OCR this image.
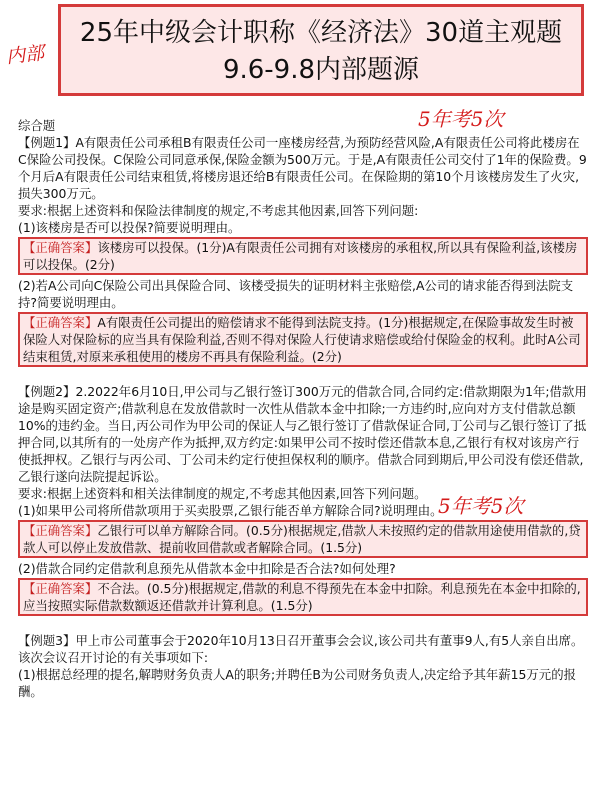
内部
25年中级会计职称《经济法》30道主观题
9.6-9.8内部题源
5年考5次
5年考5次

综合题

【例题1】A有限责任公司承租B有限责任公司一座楼房经营,为预防经营风险,A有限责任公司将此楼房在C保险公司投保。C保险公司同意承保,保险金额为500万元。于是,A有限责任公司交付了1年的保险费。9个月后A有限责任公司结束租赁,将楼房退还给B有限责任公司。在保险期的第10个月该楼房发生了火灾,损失300万元。

要求:根据上述资料和保险法律制度的规定,不考虑其他因素,回答下列问题:

(1)该楼房是否可以投保?简要说明理由。

【正确答案】该楼房可以投保。(1分)A有限责任公司拥有对该楼房的承租权,所以具有保险利益,该楼房可以投保。(2分)

(2)若A公司向C保险公司出具保险合同、该楼受损失的证明材料主张赔偿,A公司的请求能否得到法院支持?简要说明理由。

【正确答案】A有限责任公司提出的赔偿请求不能得到法院支持。(1分)根据规定,在保险事故发生时被保险人对保险标的应当具有保险利益,否则不得对保险人行使请求赔偿或给付保险金的权利。此时A公司结束租赁,对原来承租使用的楼房不再具有保险利益。(2分)

【例题2】2.2022年6月10日,甲公司与乙银行签订300万元的借款合同,合同约定:借款期限为1年;借款用途是购买固定资产;借款利息在发放借款时一次性从借款本金中扣除;一方违约时,应向对方支付借款总额10%的违约金。当日,丙公司作为甲公司的保证人与乙银行签订了借款保证合同,丁公司与乙银行签订了抵押合同,以其所有的一处房产作为抵押,双方约定:如果甲公司不按时偿还借款本息,乙银行有权对该房产行使抵押权。乙银行与丙公司、丁公司未约定行使担保权利的顺序。借款合同到期后,甲公司没有偿还借款,乙银行遂向法院提起诉讼。

要求:根据上述资料和相关法律制度的规定,不考虑其他因素,回答下列问题。

(1)如果甲公司将所借款项用于买卖股票,乙银行能否单方解除合同?说明理由。

【正确答案】乙银行可以单方解除合同。(0.5分)根据规定,借款人未按照约定的借款用途使用借款的,贷款人可以停止发放借款、提前收回借款或者解除合同。(1.5分)

(2)借款合同约定借款利息预先从借款本金中扣除是否合法?如何处理?

【正确答案】不合法。(0.5分)根据规定,借款的利息不得预先在本金中扣除。利息预先在本金中扣除的,应当按照实际借款数额返还借款并计算利息。(1.5分)

【例题3】甲上市公司董事会于2020年10月13日召开董事会会议,该公司共有董事9人,有5人亲自出席。该次会议召开讨论的有关事项如下:

(1)根据总经理的提名,解聘财务负责人A的职务;并聘任B为公司财务负责人,决定给予其年薪15万元的报酬。
